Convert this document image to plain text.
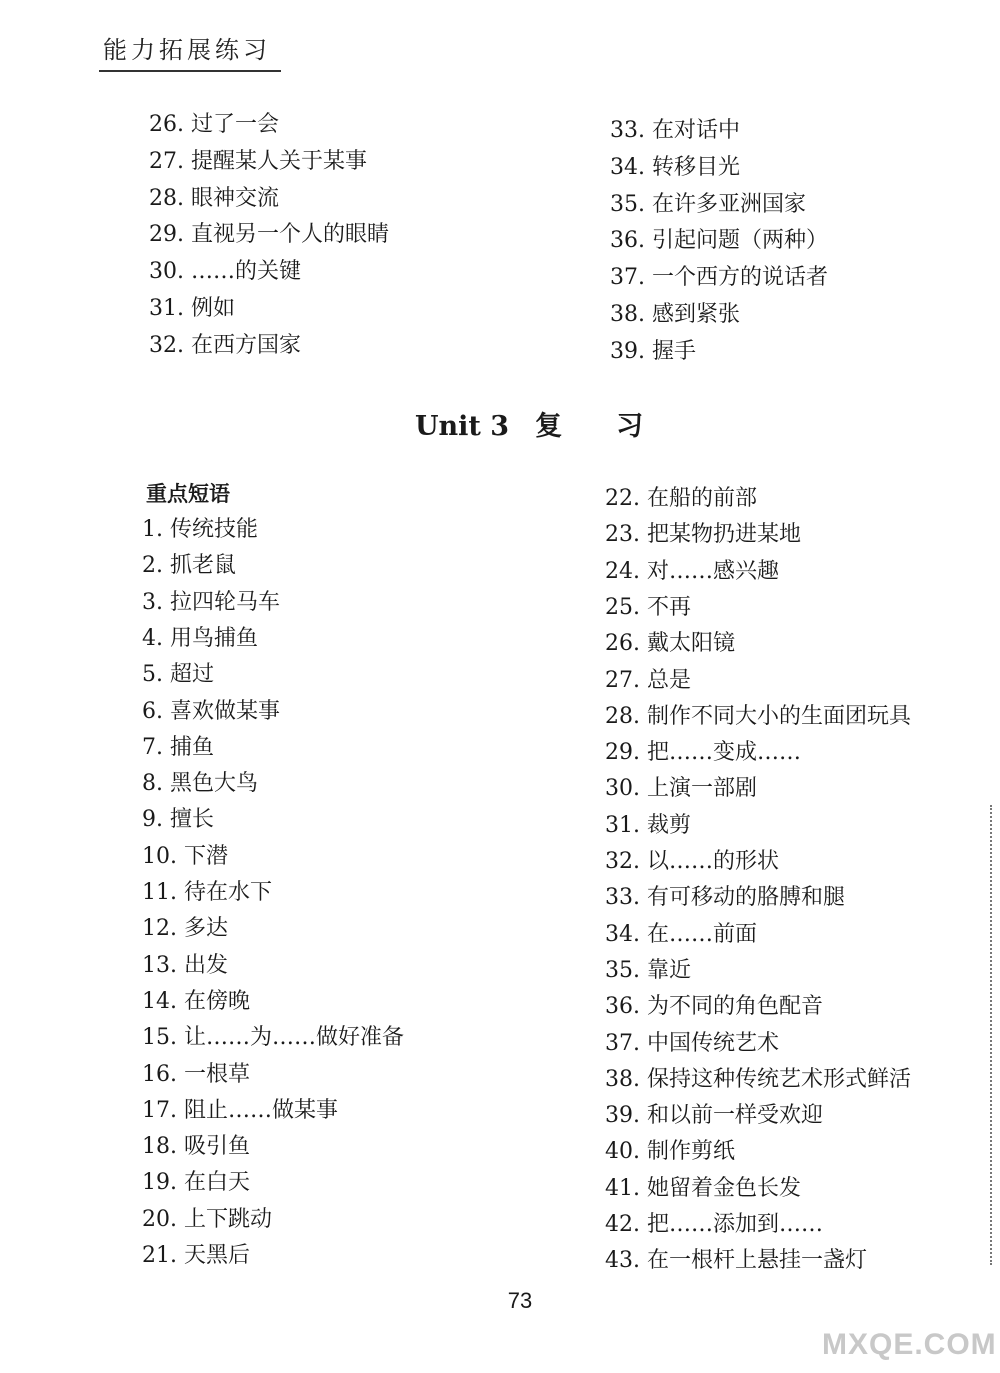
能力拓展练习
26. 过了一会
27. 提醒某人关于某事
28. 眼神交流
29. 直视另一个人的眼睛
30. ……的关键
31. 例如
32. 在西方国家
33. 在对话中
34. 转移目光
35. 在许多亚洲国家
36. 引起问题（两种）
37. 一个西方的说话者
38. 感到紧张
39. 握手
Unit 3 复 习
重点短语
1. 传统技能
2. 抓老鼠
3. 拉四轮马车
4. 用鸟捕鱼
5. 超过
6. 喜欢做某事
7. 捕鱼
8. 黑色大鸟
9. 擅长
10. 下潜
11. 待在水下
12. 多达
13. 出发
14. 在傍晚
15. 让……为……做好准备
16. 一根草
17. 阻止……做某事
18. 吸引鱼
19. 在白天
20. 上下跳动
21. 天黑后
22. 在船的前部
23. 把某物扔进某地
24. 对……感兴趣
25. 不再
26. 戴太阳镜
27. 总是
28. 制作不同大小的生面团玩具
29. 把……变成……
30. 上演一部剧
31. 裁剪
32. 以……的形状
33. 有可移动的胳膊和腿
34. 在……前面
35. 靠近
36. 为不同的角色配音
37. 中国传统艺术
38. 保持这种传统艺术形式鲜活
39. 和以前一样受欢迎
40. 制作剪纸
41. 她留着金色长发
42. 把……添加到……
43. 在一根杆上悬挂一盏灯
73
MXQE.COM
